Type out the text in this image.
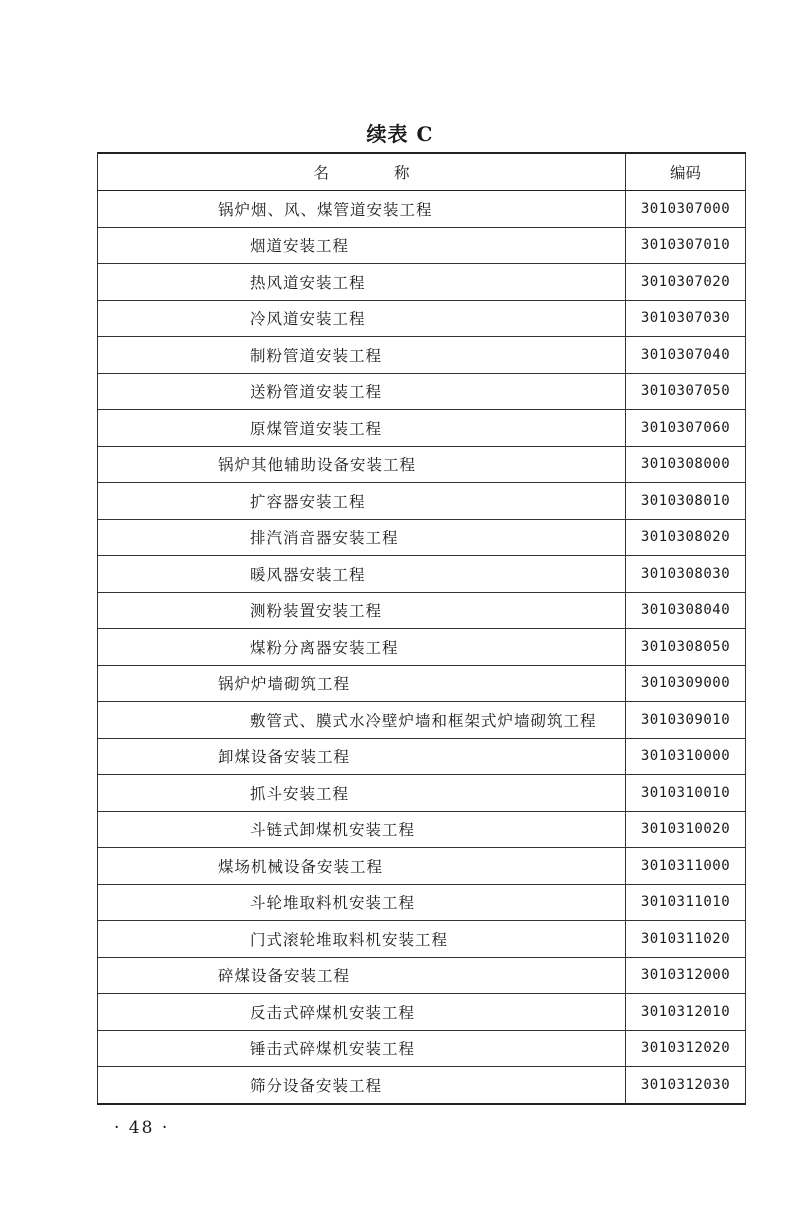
续表 C
名 称	编码
锅炉烟、风、煤管道安装工程	3010307000
烟道安装工程	3010307010
热风道安装工程	3010307020
冷风道安装工程	3010307030
制粉管道安装工程	3010307040
送粉管道安装工程	3010307050
原煤管道安装工程	3010307060
锅炉其他辅助设备安装工程	3010308000
扩容器安装工程	3010308010
排汽消音器安装工程	3010308020
暖风器安装工程	3010308030
测粉装置安装工程	3010308040
煤粉分离器安装工程	3010308050
锅炉炉墙砌筑工程	3010309000
敷管式、膜式水冷壁炉墙和框架式炉墙砌筑工程	3010309010
卸煤设备安装工程	3010310000
抓斗安装工程	3010310010
斗链式卸煤机安装工程	3010310020
煤场机械设备安装工程	3010311000
斗轮堆取料机安装工程	3010311010
门式滚轮堆取料机安装工程	3010311020
碎煤设备安装工程	3010312000
反击式碎煤机安装工程	3010312010
锤击式碎煤机安装工程	3010312020
筛分设备安装工程	3010312030
· 48 ·
